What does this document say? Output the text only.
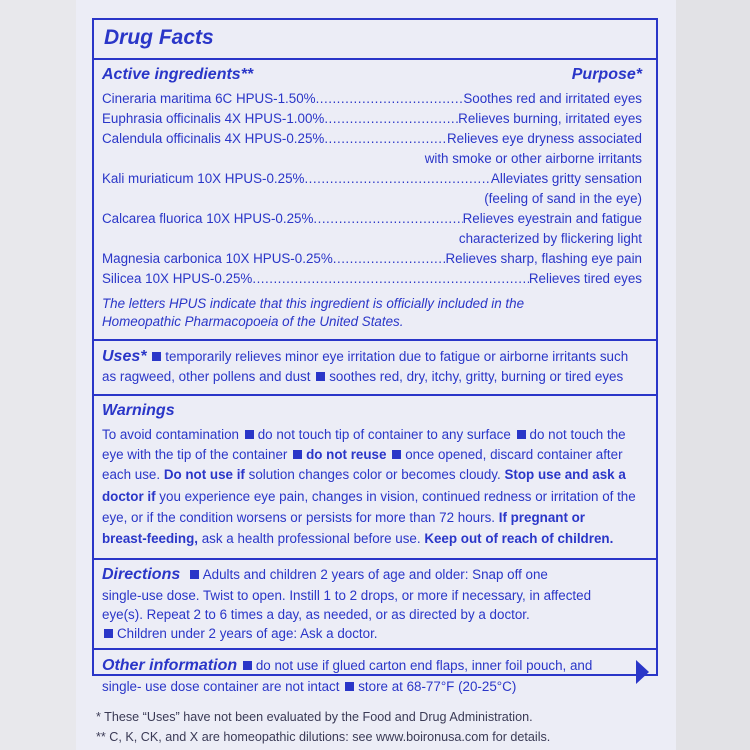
Drug Facts
Active ingredients**	Purpose*
Cineraria maritima 6C HPUS-1.50% .....	Soothes red and irritated eyes
Euphrasia officinalis 4X HPUS-1.00% .....	Relieves burning, irritated eyes
Calendula officinalis 4X HPUS-0.25% .....	Relieves eye dryness associated
with smoke or other airborne irritants
Kali muriaticum 10X HPUS-0.25% .....	Alleviates gritty sensation
(feeling of sand in the eye)
Calcarea fluorica 10X HPUS-0.25% .....	Relieves eyestrain and fatigue
characterized by flickering light
Magnesia carbonica 10X HPUS-0.25% .....	Relieves sharp, flashing eye pain
Silicea 10X HPUS-0.25% .....	Relieves tired eyes
The letters HPUS indicate that this ingredient is officially included in the
Homeopathic Pharmacopoeia of the United States.
Uses* temporarily relieves minor eye irritation due to fatigue or airborne irritants such
as ragweed, other pollens and dust soothes red, dry, itchy, gritty, burning or tired eyes
Warnings
To avoid contamination do not touch tip of container to any surface do not touch the
eye with the tip of the container do not reuse once opened, discard container after
each use. Do not use if solution changes color or becomes cloudy. Stop use and ask a
doctor if you experience eye pain, changes in vision, continued redness or irritation of the
eye, or if the condition worsens or persists for more than 72 hours. If pregnant or
breast-feeding, ask a health professional before use. Keep out of reach of children.
Directions Adults and children 2 years of age and older: Snap off one
single-use dose. Twist to open. Instill 1 to 2 drops, or more if necessary, in affected
eye(s). Repeat 2 to 6 times a day, as needed, or as directed by a doctor.
Children under 2 years of age: Ask a doctor.
Other information do not use if glued carton end flaps, inner foil pouch, and
single- use dose container are not intact store at 68-77°F (20-25°C)
* These “Uses” have not been evaluated by the Food and Drug Administration.
** C, K, CK, and X are homeopathic dilutions: see www.boironusa.com for details.
